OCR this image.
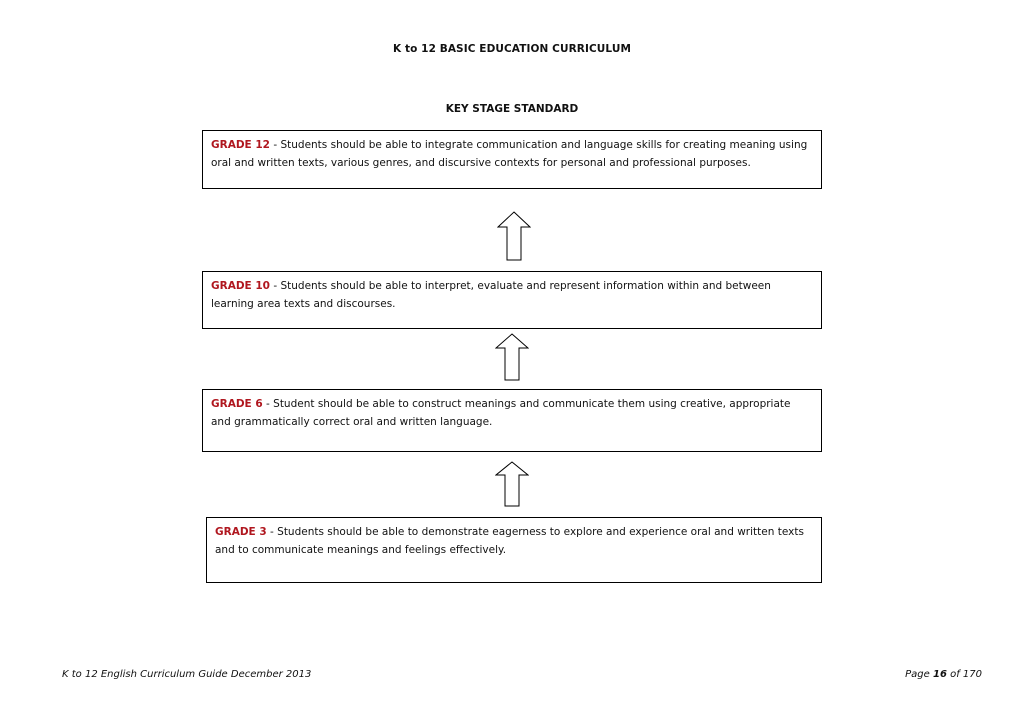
K to 12 BASIC EDUCATION CURRICULUM
KEY STAGE STANDARD
GRADE 12 - Students should be able to integrate communication and language skills for creating meaning using oral and written texts, various genres, and discursive contexts for personal and professional purposes.
GRADE 10 - Students should be able to interpret, evaluate and represent information within and between learning area texts and discourses.
GRADE 6 - Student should be able to construct meanings and communicate them using creative, appropriate and grammatically correct oral and written language.
GRADE 3 - Students should be able to demonstrate eagerness to explore and experience oral and written texts and to communicate meanings and feelings effectively.
K to 12 English Curriculum Guide December 2013	Page 16 of 170
